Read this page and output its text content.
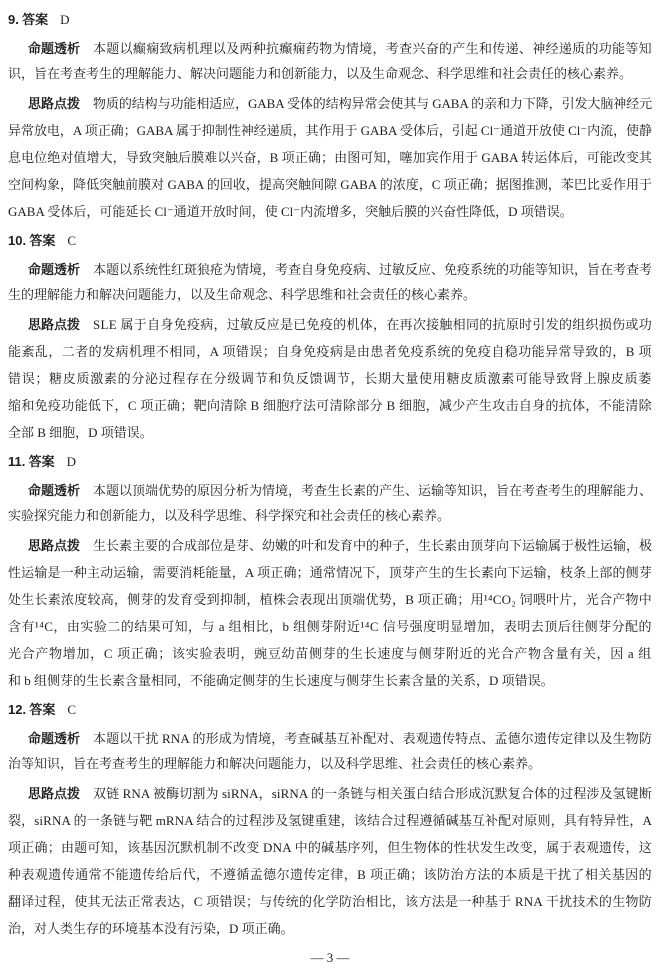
9. 答案 D
命题透析 本题以癫痫致病机理以及两种抗癫痫药物为情境，考查兴奋的产生和传递、神经递质的功能等知
识，旨在考查考生的理解能力、解决问题能力和创新能力，以及生命观念、科学思维和社会责任的核心素养。
思路点拨 物质的结构与功能相适应，GABA 受体的结构异常会使其与 GABA 的亲和力下降，引发大脑神经元
异常放电，A 项正确；GABA 属于抑制性神经递质，其作用于 GABA 受体后，引起 Cl⁻通道开放使 Cl⁻内流，使静
息电位绝对值增大，导致突触后膜难以兴奋，B 项正确；由图可知，噻加宾作用于 GABA 转运体后，可能改变其
空间构象，降低突触前膜对 GABA 的回收，提高突触间隙 GABA 的浓度，C 项正确；据图推测，苯巴比妥作用于
GABA 受体后，可能延长 Cl⁻通道开放时间，使 Cl⁻内流增多，突触后膜的兴奋性降低，D 项错误。
10. 答案 C
命题透析 本题以系统性红斑狼疮为情境，考查自身免疫病、过敏反应、免疫系统的功能等知识，旨在考查考
生的理解能力和解决问题能力，以及生命观念、科学思维和社会责任的核心素养。
思路点拨 SLE 属于自身免疫病，过敏反应是已免疫的机体，在再次接触相同的抗原时引发的组织损伤或功
能紊乱，二者的发病机理不相同，A 项错误；自身免疫病是由患者免疫系统的免疫自稳功能异常导致的，B 项
错误；糖皮质激素的分泌过程存在分级调节和负反馈调节，长期大量使用糖皮质激素可能导致肾上腺皮质萎
缩和免疫功能低下，C 项正确；靶向清除 B 细胞疗法可清除部分 B 细胞，减少产生攻击自身的抗体，不能清除
全部 B 细胞，D 项错误。
11. 答案 D
命题透析 本题以顶端优势的原因分析为情境，考查生长素的产生、运输等知识，旨在考查考生的理解能力、
实验探究能力和创新能力，以及科学思维、科学探究和社会责任的核心素养。
思路点拨 生长素主要的合成部位是芽、幼嫩的叶和发育中的种子，生长素由顶芽向下运输属于极性运输，极
性运输是一种主动运输，需要消耗能量，A 项正确；通常情况下，顶芽产生的生长素向下运输，枝条上部的侧芽
处生长素浓度较高，侧芽的发育受到抑制，植株会表现出顶端优势，B 项正确；用¹⁴CO₂ 饲喂叶片，光合产物中
含有¹⁴C，由实验二的结果可知，与 a 组相比，b 组侧芽附近¹⁴C 信号强度明显增加，表明去顶后往侧芽分配的
光合产物增加，C 项正确；该实验表明，豌豆幼苗侧芽的生长速度与侧芽附近的光合产物含量有关，因 a 组
和 b 组侧芽的生长素含量相同，不能确定侧芽的生长速度与侧芽生长素含量的关系，D 项错误。
12. 答案 C
命题透析 本题以干扰 RNA 的形成为情境，考查碱基互补配对、表观遗传特点、孟德尔遗传定律以及生物防
治等知识，旨在考查考生的理解能力和解决问题能力，以及科学思维、社会责任的核心素养。
思路点拨 双链 RNA 被酶切割为 siRNA，siRNA 的一条链与相关蛋白结合形成沉默复合体的过程涉及氢键断
裂，siRNA 的一条链与靶 mRNA 结合的过程涉及氢键重建，该结合过程遵循碱基互补配对原则，具有特异性，A
项正确；由题可知，该基因沉默机制不改变 DNA 中的碱基序列，但生物体的性状发生改变，属于表观遗传，这
种表观遗传通常不能遗传给后代，不遵循孟德尔遗传定律，B 项正确；该防治方法的本质是干扰了相关基因的
翻译过程，使其无法正常表达，C 项错误；与传统的化学防治相比，该方法是一种基于 RNA 干扰技术的生物防
治，对人类生存的环境基本没有污染，D 项正确。
— 3 —
